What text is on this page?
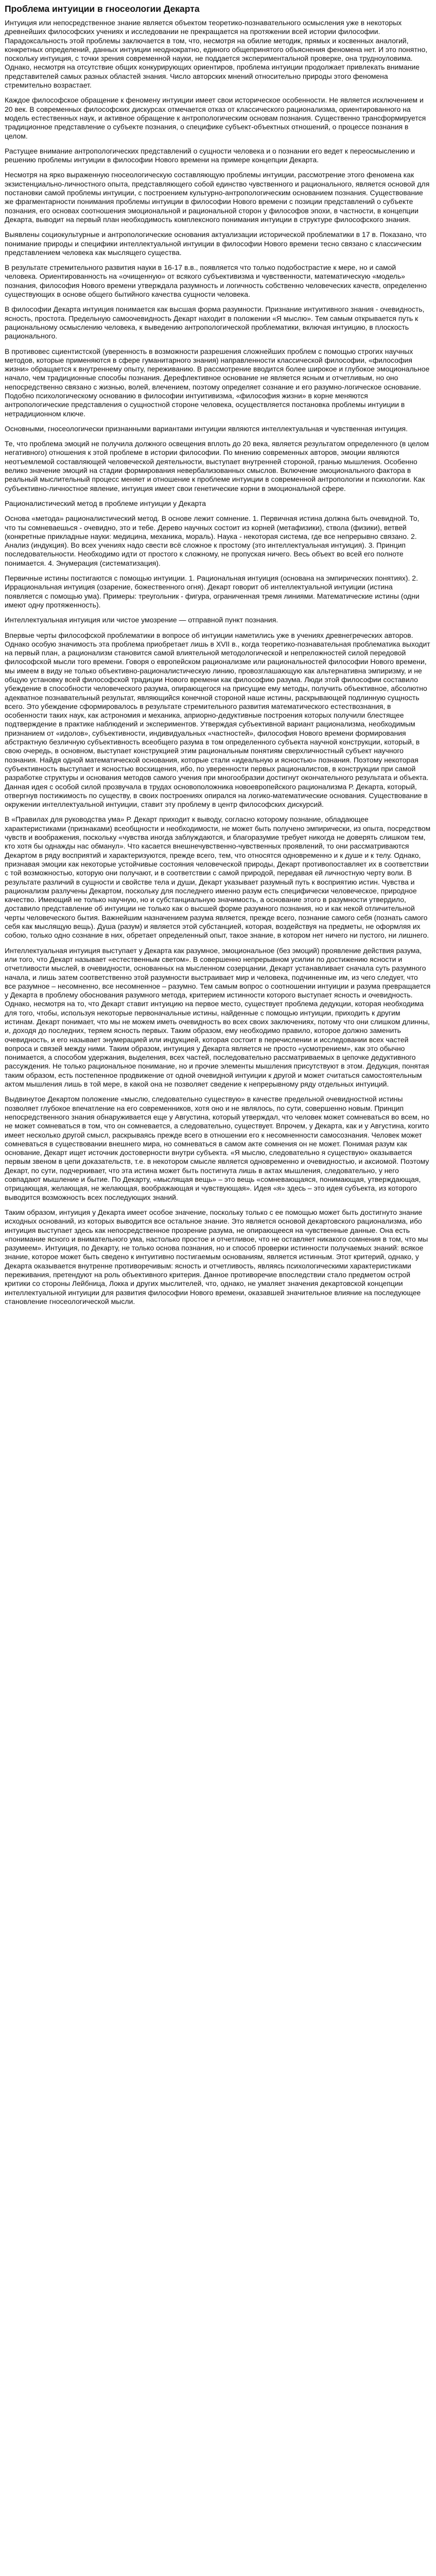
Проблема интуиции в гносеологии Декарта

Интуиция или непосредственное знание является объектом теоретико-познавательного осмысления уже в некоторых древнейших философских учениях и исследовании не прекращается на протяжении всей истории философии. Парадоксальность этой проблемы заключается в том, что, несмотря на обилие методик, прямых и косвенных аналогий, конкретных определений, данных интуиции неоднократно, единого общепринятого объяснения феномена нет. И это понятно, поскольку интуиция, с точки зрения современной науки, не поддается экспериментальной проверке, она трудноуловима. Однако, несмотря на отсутствие общих конкурирующих ориентиров, проблема интуиции продолжает привлекать внимание представителей самых разных областей знания. Число авторских мнений относительно природы этого феномена стремительно возрастает.

Каждое философское обращение к феномену интуиции имеет свои историческое особенности. Не является исключением и 20 век. В современных философских дискурсах отмечается отказ от классического рационализма, ориентированного на модель естественных наук, и активное обращение к антропологическим основам познания. Существенно трансформируется традиционное представление о субъекте познания, о специфике субъект-объектных отношений, о процессе познания в целом.

Растущее внимание антропологических представлений о сущности человека и о познании его ведет к переосмыслению и решению проблемы интуиции в философии Нового времени на примере концепции Декарта.

Несмотря на ярко выраженную гносеологическую составляющую проблемы интуиции, рассмотрение этого феномена как экзистенциально-личностного опыта, представляющего собой единство чувственного и рационального, является основой для постановки самой проблемы интуиции, с построением культурно-антропологическим основанием познания. Существование же фрагментарности понимания проблемы интуиции в философии Нового времени с позиции представлений о субъекте познания, его основах соотношения эмоциональной и рациональной сторон у философов эпохи, в частности, в концепции Декарта, выводит на первый план необходимость комплексного понимания интуиции в структуре философского знания.

Выявлены социокультурные и антропологические основания актуализации исторической проблематики в 17 в. Показано, что понимание природы и специфики интеллектуальной интуиции в философии Нового времени тесно связано с классическим представлением человека как мыслящего существа.

В результате стремительного развития науки в 16-17 в.в., появляется что только подобострастие к мере, но и самой человека. Ориентированность на «очищенную» от всякого субъективизма и чувственности, математическую «модель» познания, философия Нового времени утверждала разумность и логичность собственно человеческих качеств, определенно существующих в основе общего бытийного качества сущности человека.

В философии Декарта интуиция понимается как высшая форма разумности. Признание интуитивного знания - очевидность, ясность, простота. Предельную самоочевидность Декарт находит в положении «Я мыслю». Тем самым открывается путь к рациональному осмыслению человека, к выведению антропологической проблематики, включая интуицию, в плоскость рационального.

В противовес сциентистской (уверенность в возможности разрешения сложнейших проблем с помощью строгих научных методов, которые применяются в сфере гуманитарного знания) направленности классической философии, «философия жизни» обращается к внутреннему опыту, переживанию. В рассмотрение вводится более широкое и глубокое эмоциональное начало, чем традиционные способы познания. Дерефлективное основание не является ясным и отчетливым, но оно непосредственно связано с жизнью, волей, влечением, поэтому определяет сознание и его разумно-логическое основание. Подобно психологическому основанию в философии интуитивизма, «философия жизни» в корне меняются антропологические представления о сущностной стороне человека, осуществляется постановка проблемы интуиции в нетрадиционном ключе.

Основными, гносеологически признанными вариантами интуиции являются интеллектуальная и чувственная интуиция.

Те, что проблема эмоций не получила должного освещения вплоть до 20 века, является результатом определенного (в целом негативного) отношения к этой проблеме в истории философии. По мнению современных авторов, эмоции являются неотъемлемой составляющей человеческой деятельности, выступает внутренней стороной, гранью мышления. Особенно велико значение эмоций на стадии формирования невербализованных смыслов. Включение эмоционального фактора в реальный мыслительный процесс меняет и отношение к проблеме интуиции в современной антропологии и психологии. Как субъективно-личностное явление, интуиция имеет свои генетические корни в эмоциональной сфере.

Рационалистический метод в проблеме интуиции у Декарта

Основа «метода» рационалистический метод. В основе лежит сомнение. 1. Первичная истина должна быть очевидной. То, что ты сомневаешься - очевидно, это и тебе. Дерево научных состоит из корней (метафизики), ствола (физики), ветвей (конкретные прикладные науки: медицина, механика, мораль). Наука - некоторая система, где все непрерывно связано. 2. Анализ (индукция). Во всех учениях надо свести всё сложное к простому (это интеллектуальная интуиция). 3. Принцип последовательности. Необходимо идти от простого к сложному, не пропуская ничего. Весь объект во всей его полноте понимается. 4. Энумерация (систематизация).

Первичные истины постигаются с помощью интуиции. 1. Рациональная интуиция (основана на эмпирических понятиях). 2. Иррациональная интуиция (озарение, божественного огня). Декарт говорит об интеллектуальной интуиции (истина появляется с помощью ума). Примеры: треугольник - фигура, ограниченная тремя линиями. Математические истины (одни имеют одну протяженность).

Интеллектуальная интуиция или чистое умозрение — отправной пункт познания.

Впервые черты философской проблематики в вопросе об интуиции наметились уже в учениях древнегреческих авторов. Однако особую значимость эта проблема приобретает лишь в XVII в., когда теоретико-познавательная проблематика выходит на первый план, а рационализм становится самой влиятельной методологической и непреложностей силой передовой философской мысли того времени. Говоря о европейском рационализме или рациональностей философии Нового времени, мы имеем в виду не только объективно-рационалистическую линию, провозглашающую как альтернативна эмпиризму, и не общую установку всей философской традиции Нового времени как философию разума. Люди этой философии составило убеждение в способности человеческого разума, опирающегося на присущие ему методы, получить объективное, абсолютно адекватное познавательный результат, являющийся конечной стороной наше истины, раскрывающей подлинную сущность всего. Это убеждение сформировалось в результате стремительного развития математического естествознания, в особенности таких наук, как астрономия и механика, априорно-дедуктивные построения которых получили блестящее подтверждение в практике наблюдений и экспериментов. Утверждая субъективной вариант рационализма, необходимым признанием от «идолов», субъективности, индивидуальных «частностей», философия Нового времени формирования абстрактную безличную субъективность всеобщего разума в том определенного субъекта научной конструкции, который, в свою очередь, в основном, выступает конструкцией этим рациональным понятиям сверхличностный субъект научного познания. Найдя одной математической основания, которые стали «идеальную и ясностью» познания. Поэтому некоторая субъективность выступает и ясностью восхищения, ибо, по уверенности первых рационалистов, в конструкции при самой разработке структуры и основания методов самого учения при многообразии достигнут окончательного результата и объекта. Данная идея с особой силой прозвучала в трудах основоположника новоевропейского рационализма Р. Декарта, который, отвергнув постижимость по существу, в своих построениях опирался на логико-математические основания. Существование в окружении интеллектуальной интуиции, ставит эту проблему в центр философских дискурсий.

В «Правилах для руководства ума» Р. Декарт приходит к выводу, согласно которому познание, обладающее характеристиками (признаками) всеобщности и необходимости, не может быть получено эмпирически, из опыта, посредством чувств и воображения, поскольку «чувства иногда заблуждаются, и благоразумие требует никогда не доверять слишком тем, кто хотя бы однажды нас обманул». Что касается внешнечувственно-чувственных проявлений, то они рассматриваются Декартом в ряду восприятий и характеризуются, прежде всего, тем, что относятся одновременно и к душе и к телу. Однако, признавая эмоции как некоторые устойчивые состояния человеческой природы, Декарт противопоставляет их в соответствии с той возможностью, которую они получают, и в соответствии с самой природой, передавая ей личностную черту воли. В результате различий в сущности и свойстве тела и души, Декарт указывает разумный путь к восприятию истин. Чувства и рационализм разлучены Декартом, поскольку для последнего именно разум есть специфически человеческое, природное качество. Имеющий не только научную, но и субстанциальную значимость, а основание этого в разумности утвердило, доставило представление об интуиции не только как о высшей форме разумного познания, но и как некой отличительной черты человеческого бытия. Важнейшим назначением разума является, прежде всего, познание самого себя (познать самого себя как мыслящую вещь). Душа (разум) и является этой субстанцией, которая, воздействуя на предметы, не оформляя их собою, только одно сознание в них, обретает определенный опыт, такое знание, в котором нет ничего ни пустого, ни лишнего.

Интеллектуальная интуиция выступает у Декарта как разумное, эмоциональное (без эмоций) проявление действия разума, или того, что Декарт называет «естественным светом». В совершенно непрерывном усилии по достижению ясности и отчетливости мыслей, в очевидности, основанных на мысленном созерцании, Декарт устанавливает сначала суть разумного начала, и лишь затем соответственно этой разумности выстраивает мир и человека, подчиненные им, из чего следует, что все разумное – несомненно, все несомненное – разумно. Тем самым вопрос о соотношении интуиции и разума превращается у Декарта в проблему обоснования разумного метода, критерием истинности которого выступает ясность и очевидность. Однако, несмотря на то, что Декарт ставит интуицию на первое место, существует проблема дедукции, которая необходима для того, чтобы, используя некоторые первоначальные истины, найденные с помощью интуиции, приходить к другим истинам. Декарт понимает, что мы не можем иметь очевидность во всех своих заключениях, потому что они слишком длинны, и, доходя до последних, теряем ясность первых. Таким образом, ему необходимо правило, которое должно заменить очевидность, и его называет энумерацией или индукцией, которая состоит в перечислении и исследовании всех частей вопроса и связей между ними. Таким образом, интуиция у Декарта является не просто «усмотрением», как это обычно понимается, а способом удержания, выделения, всех частей, последовательно рассматриваемых в цепочке дедуктивного рассуждения. Не только рациональное понимание, но и прочие элементы мышления присутствуют в этом. Дедукция, понятая таким образом, есть постепенное продвижение от одной очевидной интуиции к другой и может считаться самостоятельным актом мышления лишь в той мере, в какой она не позволяет сведение к непрерывному ряду отдельных интуиций.

Выдвинутое Декартом положение «мыслю, следовательно существую» в качестве предельной очевидностной истины позволяет глубокое впечатление на его современников, хотя оно и не являлось, по сути, совершенно новым. Принцип непосредственного знания обнаруживается еще у Августина, который утверждал, что человек может сомневаться во всем, но не может сомневаться в том, что он сомневается, а следовательно, существует. Впрочем, у Декарта, как и у Августина, когито имеет несколько другой смысл, раскрываясь прежде всего в отношении его к несомненности самосознания. Человек может сомневаться в существовании внешнего мира, но сомневаться в самом акте сомнения он не может. Понимая разум как основание, Декарт ищет источник достоверности внутри субъекта. «Я мыслю, следовательно я существую» оказывается первым звеном в цепи доказательств, т.е. в некотором смысле является одновременно и очевидностью, и аксиомой. Поэтому Декарт, по сути, подчеркивает, что эта истина может быть постигнута лишь в актах мышления, следовательно, у него совпадают мышление и бытие. По Декарту, «мыслящая вещь» – это вещь «сомневающаяся, понимающая, утверждающая, отрицающая, желающая, не желающая, воображающая и чувствующая». Идея «я» здесь – это идея субъекта, из которого выводится возможность всех последующих знаний.

Таким образом, интуиция у Декарта имеет особое значение, поскольку только с ее помощью может быть достигнуто знание исходных оснований, из которых выводится все остальное знание. Это является основой декартовского рационализма, ибо интуиция выступает здесь как непосредственное прозрение разума, не опирающееся на чувственные данные. Она есть «понимание ясного и внимательного ума, настолько простое и отчетливое, что не оставляет никакого сомнения в том, что мы разумеем». Интуиция, по Декарту, не только основа познания, но и способ проверки истинности получаемых знаний: всякое знание, которое может быть сведено к интуитивно постигаемым основаниям, является истинным. Этот критерий, однако, у Декарта оказывается внутренне противоречивым: ясность и отчетливость, являясь психологическими характеристиками переживания, претендуют на роль объективного критерия. Данное противоречие впоследствии стало предметом острой критики со стороны Лейбница, Локка и других мыслителей, что, однако, не умаляет значения декартовской концепции интеллектуальной интуиции для развития философии Нового времени, оказавшей значительное влияние на последующее становление гносеологической мысли.
